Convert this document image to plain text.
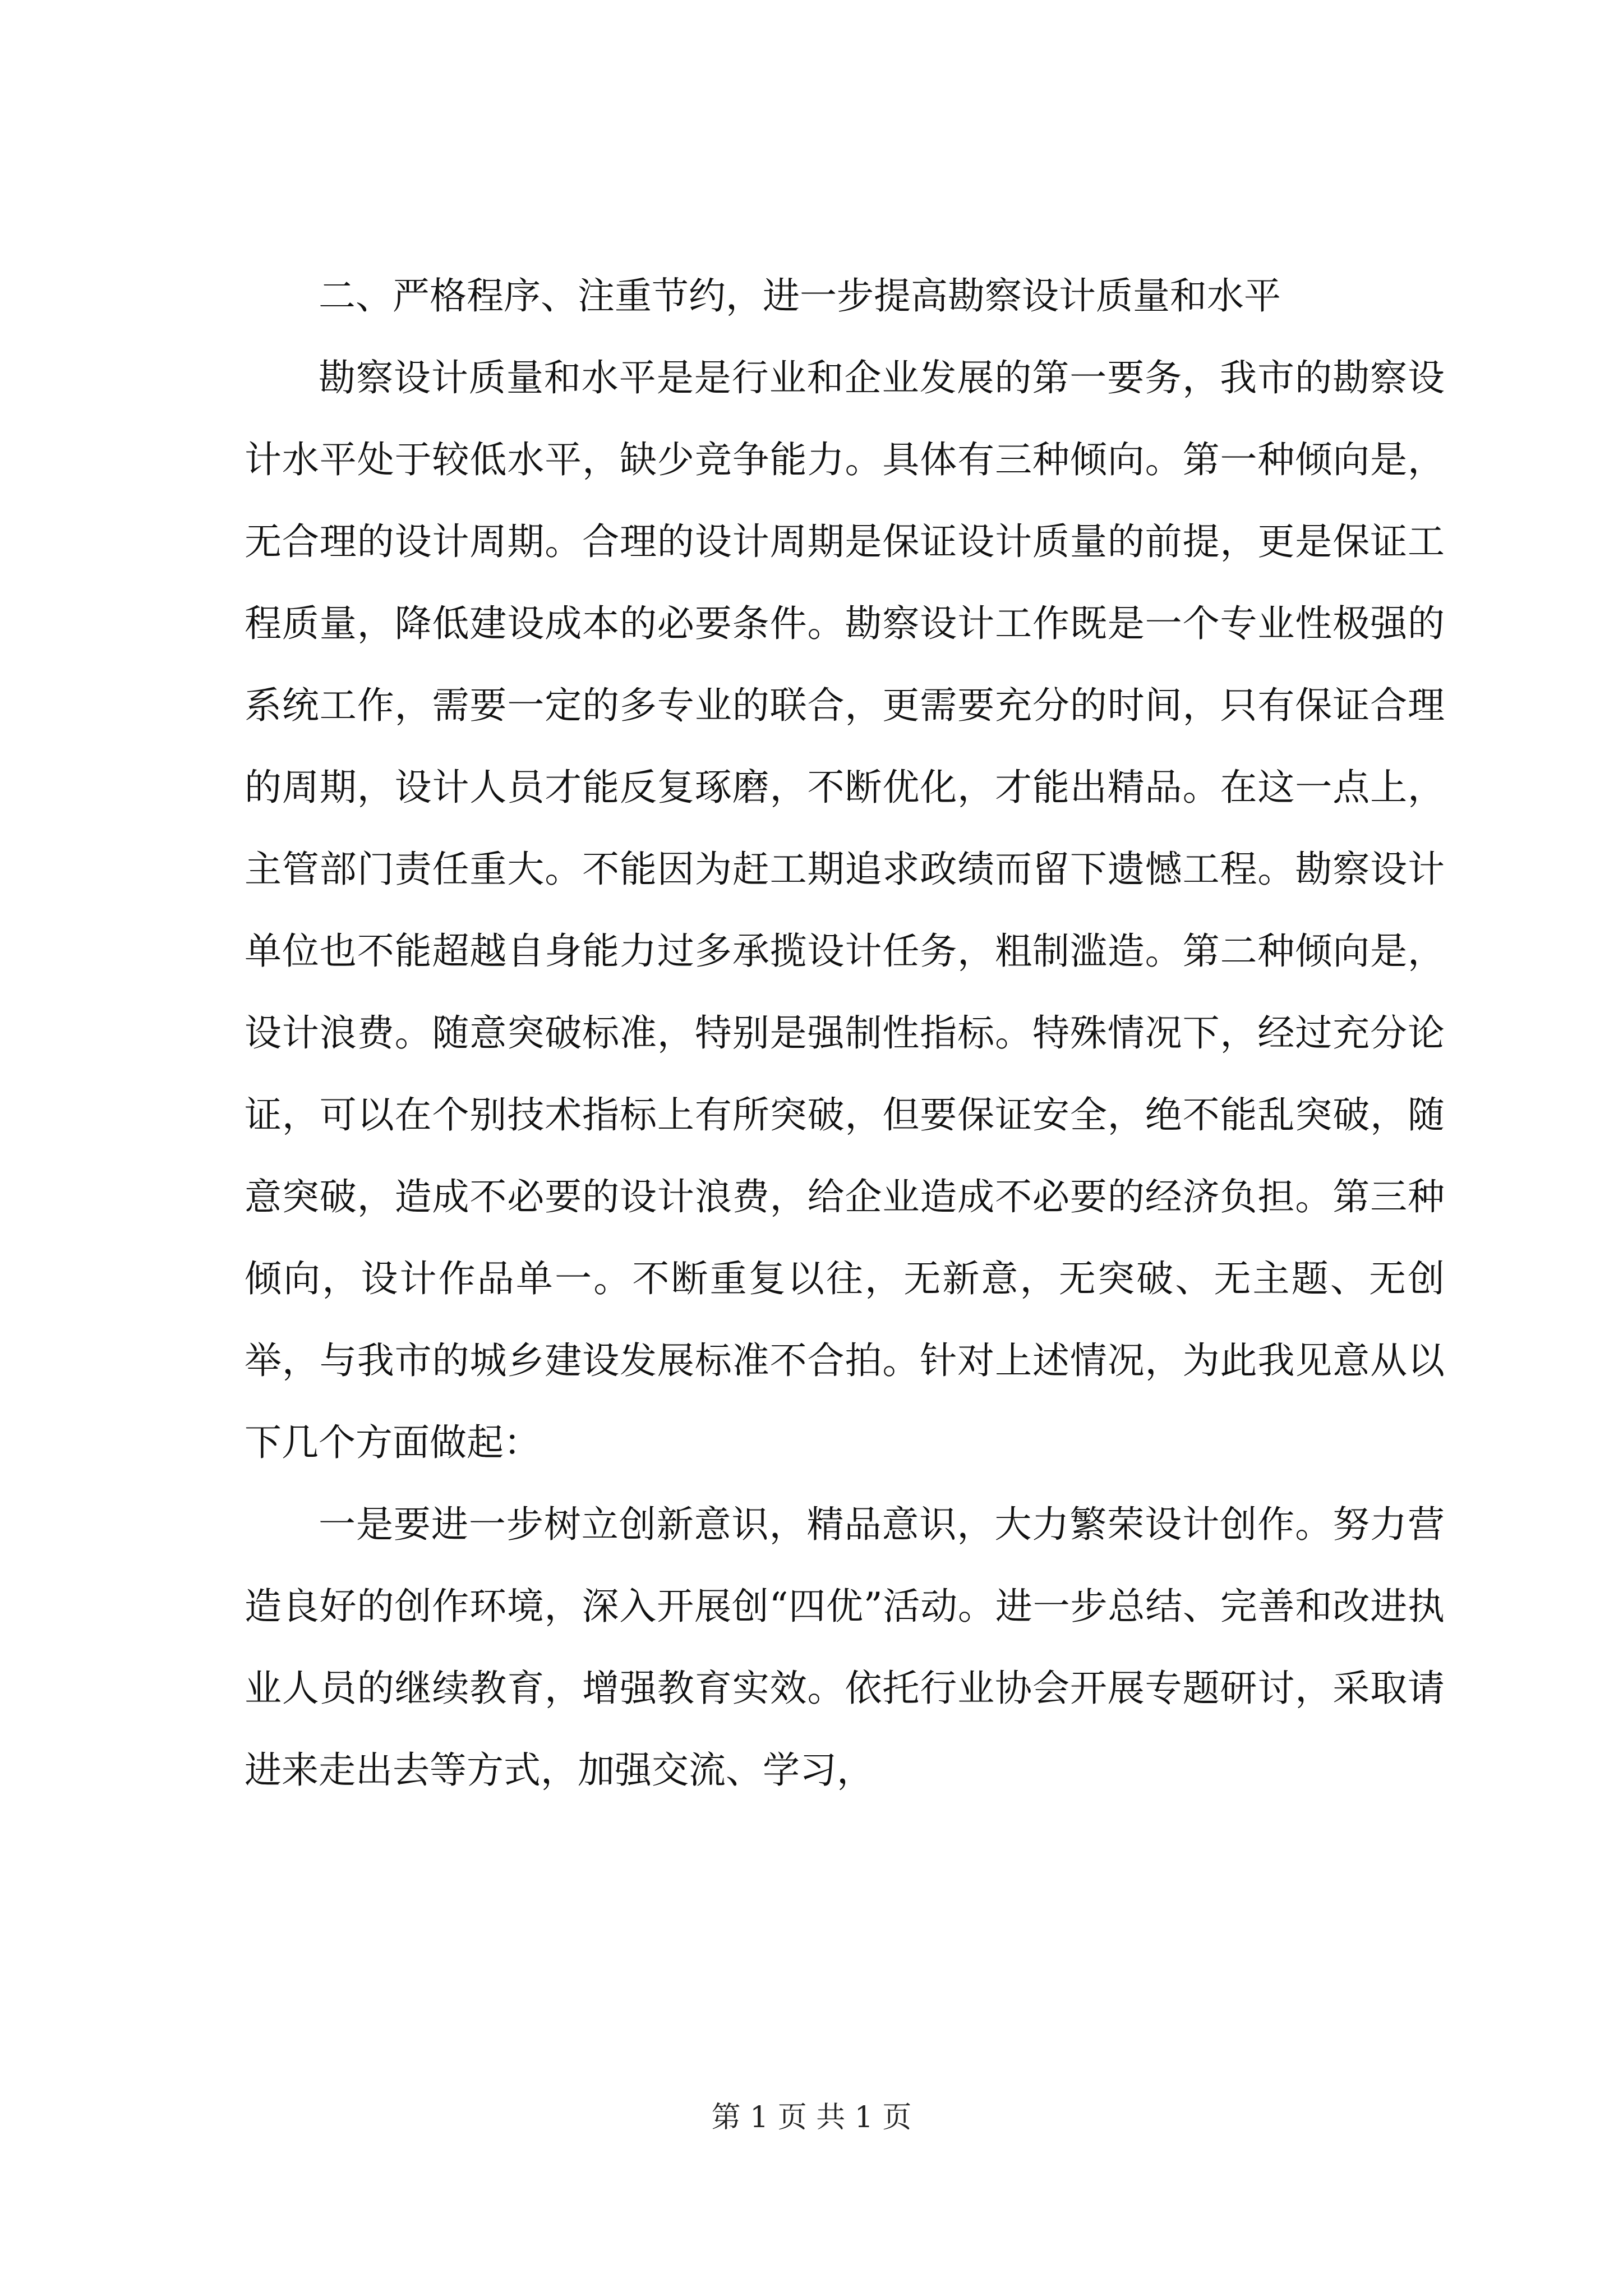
二、严格程序、注重节约，进一步提高勘察设计质量和水平

勘察设计质量和水平是是行业和企业发展的第一要务，我市的勘察设计水平处于较低水平，缺少竞争能力。具体有三种倾向。第一种倾向是，无合理的设计周期。合理的设计周期是保证设计质量的前提，更是保证工程质量，降低建设成本的必要条件。勘察设计工作既是一个专业性极强的系统工作，需要一定的多专业的联合，更需要充分的时间，只有保证合理的周期，设计人员才能反复琢磨，不断优化，才能出精品。在这一点上，主管部门责任重大。不能因为赶工期追求政绩而留下遗憾工程。勘察设计单位也不能超越自身能力过多承揽设计任务，粗制滥造。第二种倾向是，设计浪费。随意突破标准，特别是强制性指标。特殊情况下，经过充分论证，可以在个别技术指标上有所突破，但要保证安全，绝不能乱突破，随意突破，造成不必要的设计浪费，给企业造成不必要的经济负担。第三种倾向，设计作品单一。不断重复以往，无新意，无突破、无主题、无创举，与我市的城乡建设发展标准不合拍。针对上述情况，为此我见意从以下几个方面做起：

一是要进一步树立创新意识，精品意识，大力繁荣设计创作。努力营造良好的创作环境，深入开展创“四优”活动。进一步总结、完善和改进执业人员的继续教育，增强教育实效。依托行业协会开展专题研讨，采取请进来走出去等方式，加强交流、学习，

第 1 页 共 1 页
